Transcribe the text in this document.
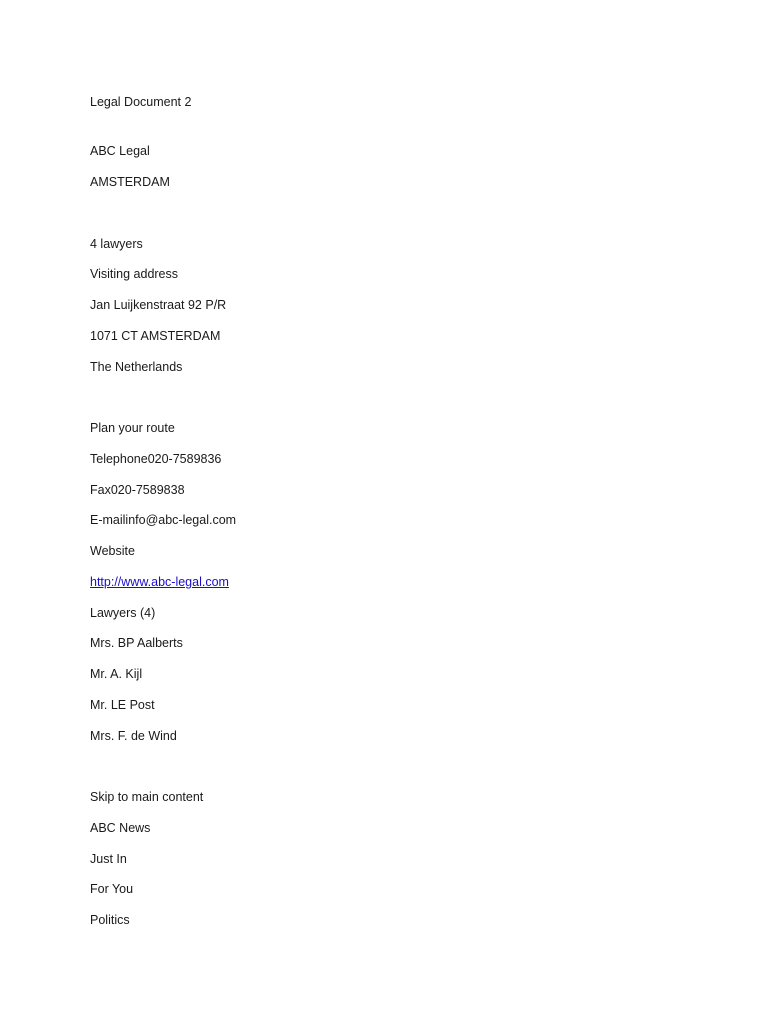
Legal Document 2
ABC Legal
AMSTERDAM
4 lawyers
Visiting address
Jan Luijkenstraat 92 P/R
1071 CT AMSTERDAM
The Netherlands
Plan your route
Telephone020-7589836
Fax020-7589838
E-mailinfo@abc-legal.com
Website
http://www.abc-legal.com
Lawyers (4)
Mrs. BP Aalberts
Mr. A. Kijl
Mr. LE Post
Mrs. F. de Wind
Skip to main content
ABC News
Just In
For You
Politics
